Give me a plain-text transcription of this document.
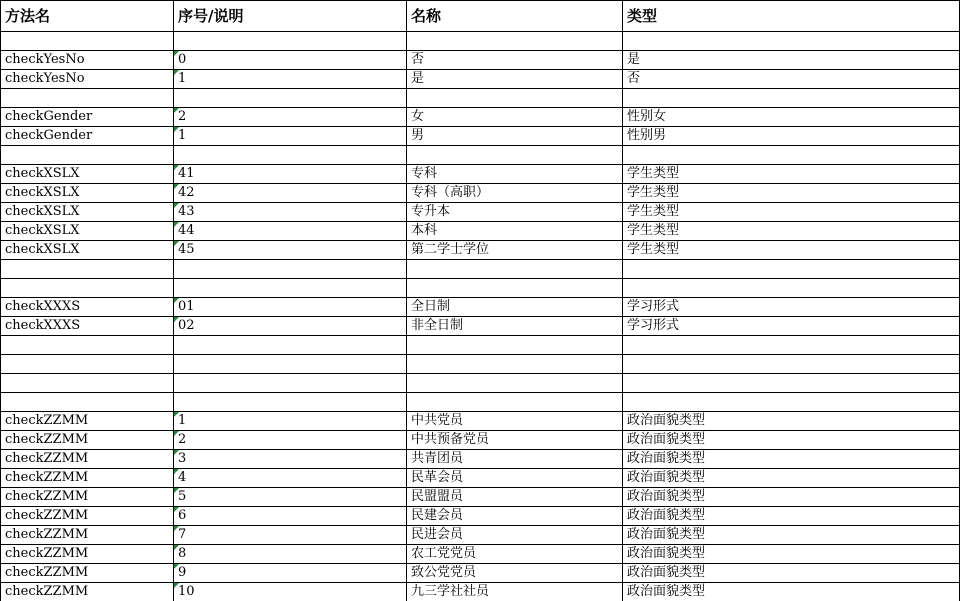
方法名	序号/说明	名称	类型

checkYesNo	0	否	是
checkYesNo	1	是	否

checkGender	2	女	性别女
checkGender	1	男	性别男

checkXSLX	41	专科	学生类型
checkXSLX	42	专科（高职）	学生类型
checkXSLX	43	专升本	学生类型
checkXSLX	44	本科	学生类型
checkXSLX	45	第二学士学位	学生类型

checkXXXS	01	全日制	学习形式
checkXXXS	02	非全日制	学习形式

checkZZMM	1	中共党员	政治面貌类型
checkZZMM	2	中共预备党员	政治面貌类型
checkZZMM	3	共青团员	政治面貌类型
checkZZMM	4	民革会员	政治面貌类型
checkZZMM	5	民盟盟员	政治面貌类型
checkZZMM	6	民建会员	政治面貌类型
checkZZMM	7	民进会员	政治面貌类型
checkZZMM	8	农工党党员	政治面貌类型
checkZZMM	9	致公党党员	政治面貌类型
checkZZMM	10	九三学社社员	政治面貌类型
